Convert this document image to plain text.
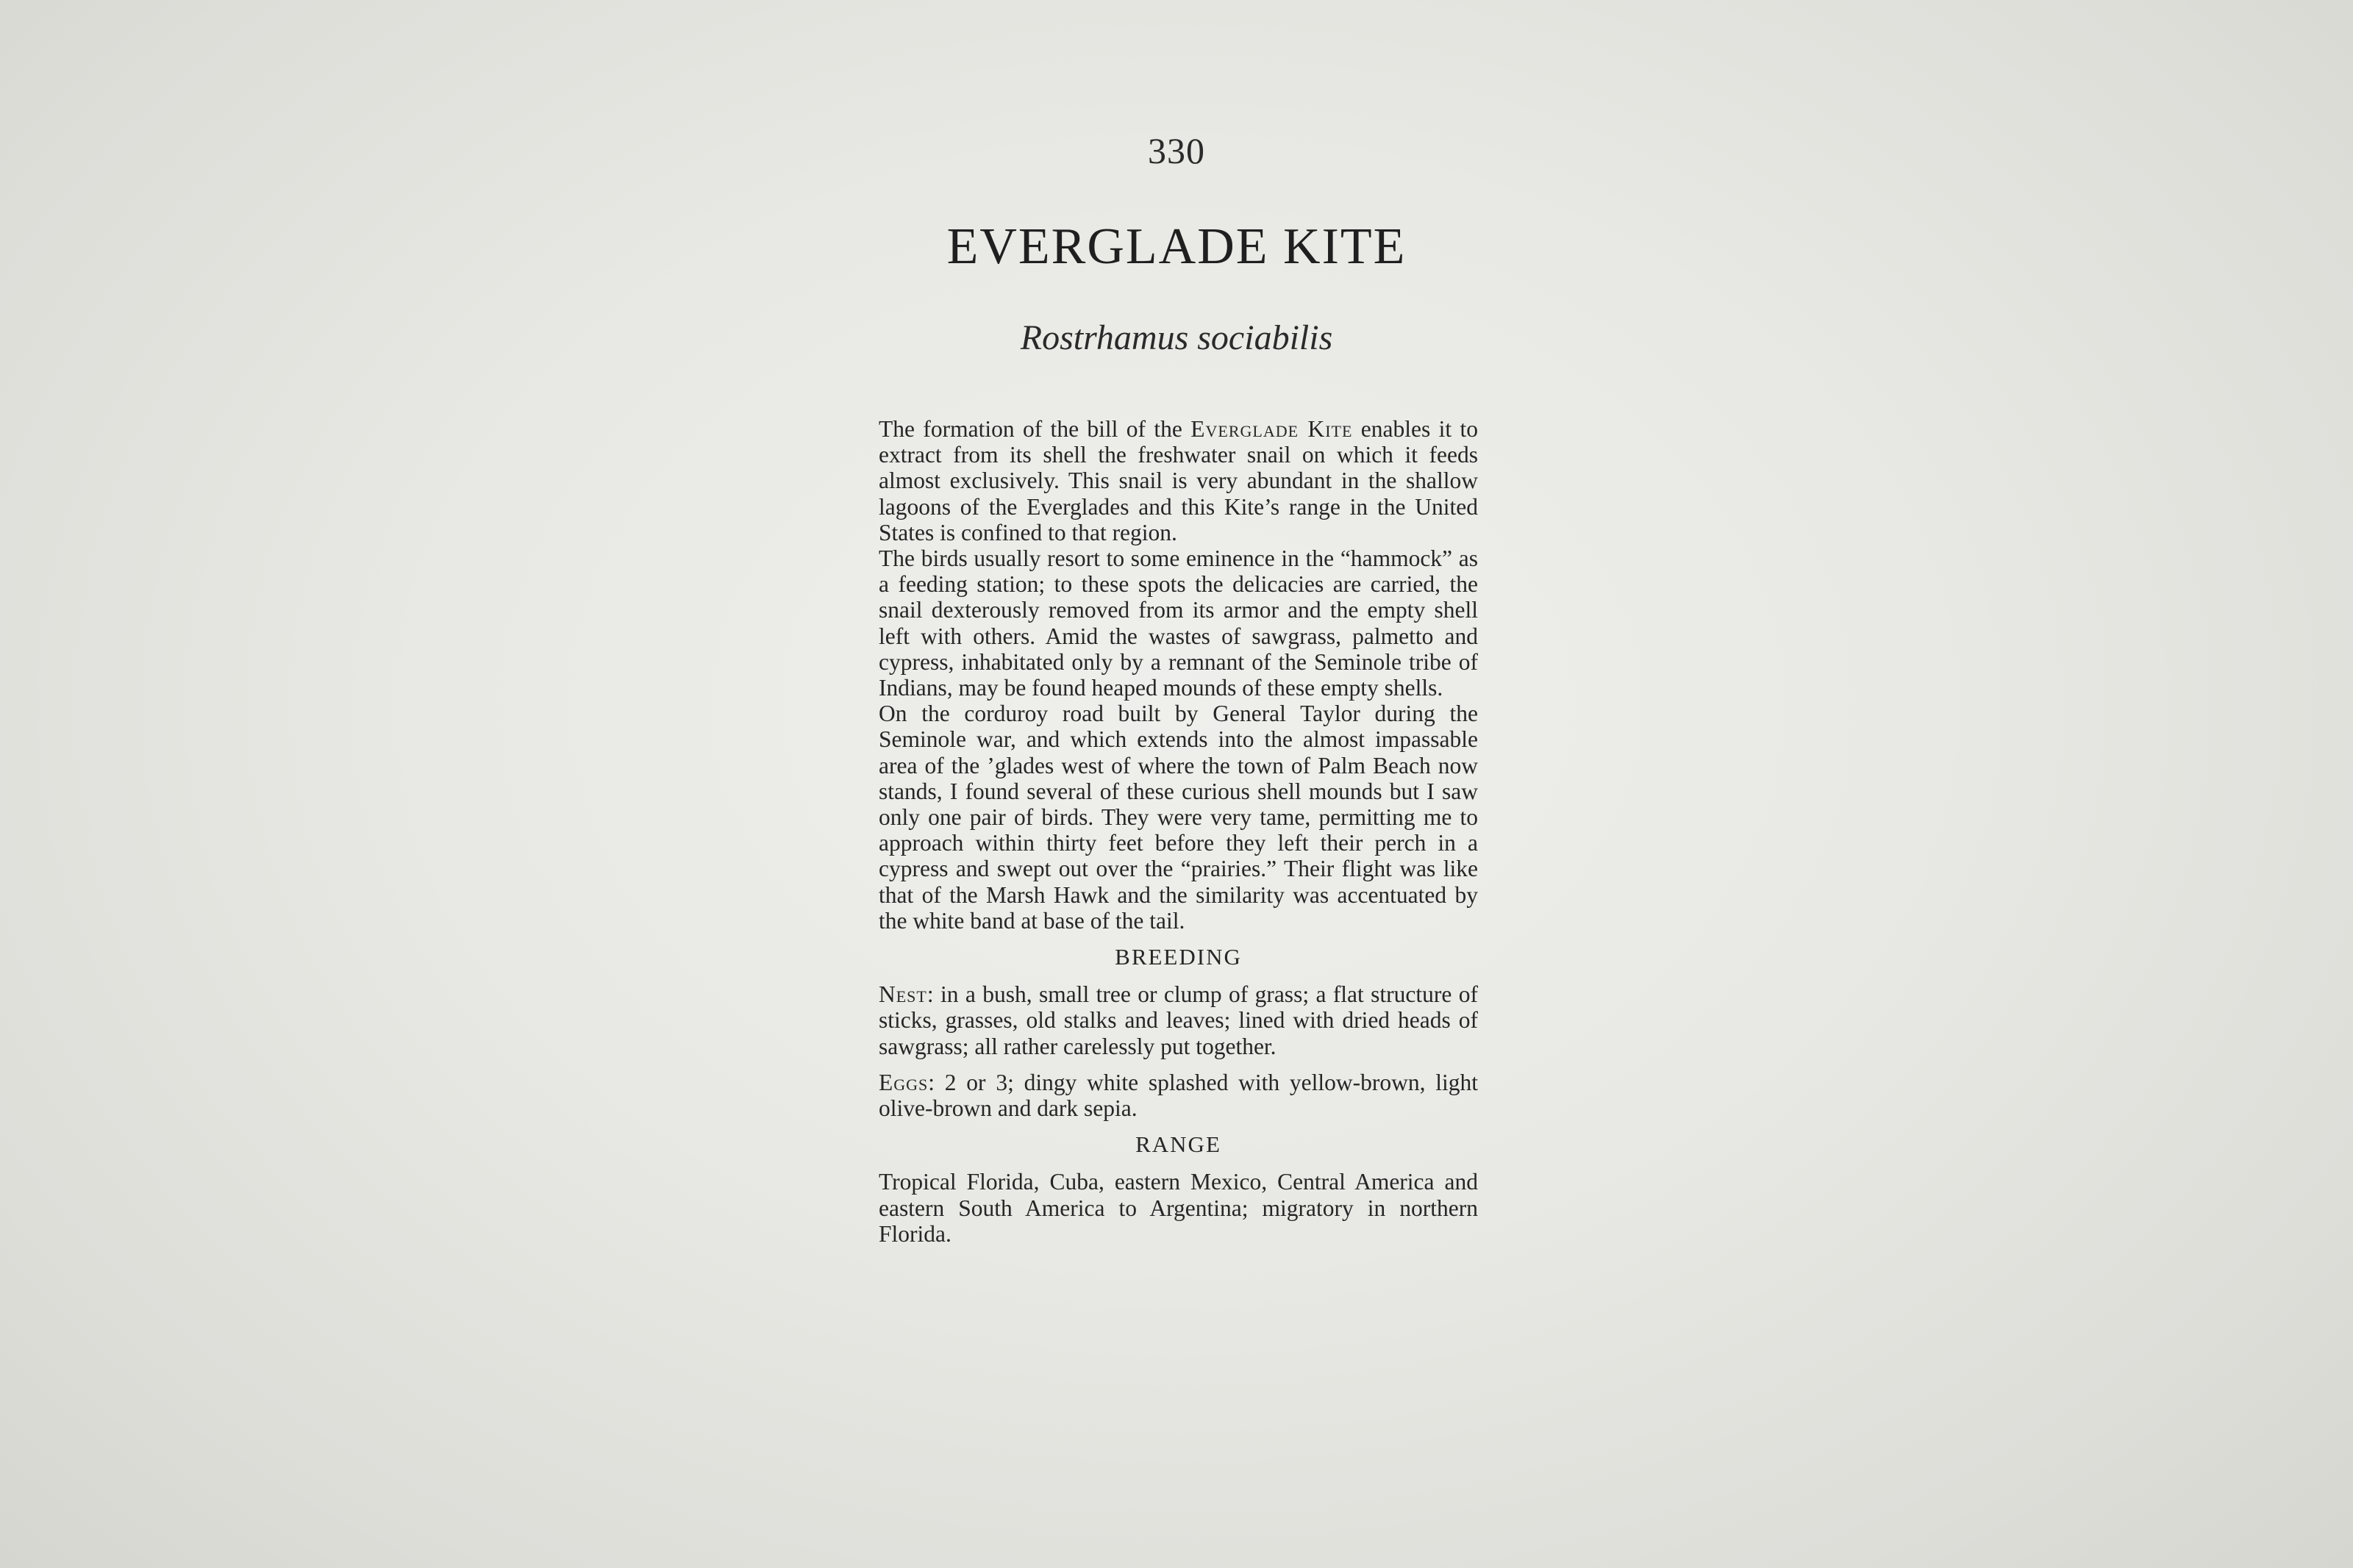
330
EVERGLADE KITE
Rostrhamus sociabilis

The formation of the bill of the Everglade Kite enables it to extract from its shell the freshwater snail on which it feeds almost exclusively. This snail is very abundant in the shallow lagoons of the Everglades and this Kite’s range in the United States is confined to that region.

The birds usually resort to some eminence in the “hammock” as a feeding station; to these spots the delicacies are carried, the snail dexterously removed from its armor and the empty shell left with others. Amid the wastes of sawgrass, palmetto and cypress, inhabitated only by a remnant of the Seminole tribe of Indians, may be found heaped mounds of these empty shells.

On the corduroy road built by General Taylor during the Seminole war, and which extends into the almost impassable area of the ’glades west of where the town of Palm Beach now stands, I found several of these curious shell mounds but I saw only one pair of birds. They were very tame, permitting me to approach within thirty feet before they left their perch in a cypress and swept out over the “prairies.” Their flight was like that of the Marsh Hawk and the similarity was accentuated by the white band at base of the tail.

BREEDING

Nest: in a bush, small tree or clump of grass; a flat structure of sticks, grasses, old stalks and leaves; lined with dried heads of sawgrass; all rather carelessly put together.

Eggs: 2 or 3; dingy white splashed with yellow-brown, light olive-brown and dark sepia.

RANGE

Tropical Florida, Cuba, eastern Mexico, Central America and eastern South America to Argentina; migratory in northern Florida.
